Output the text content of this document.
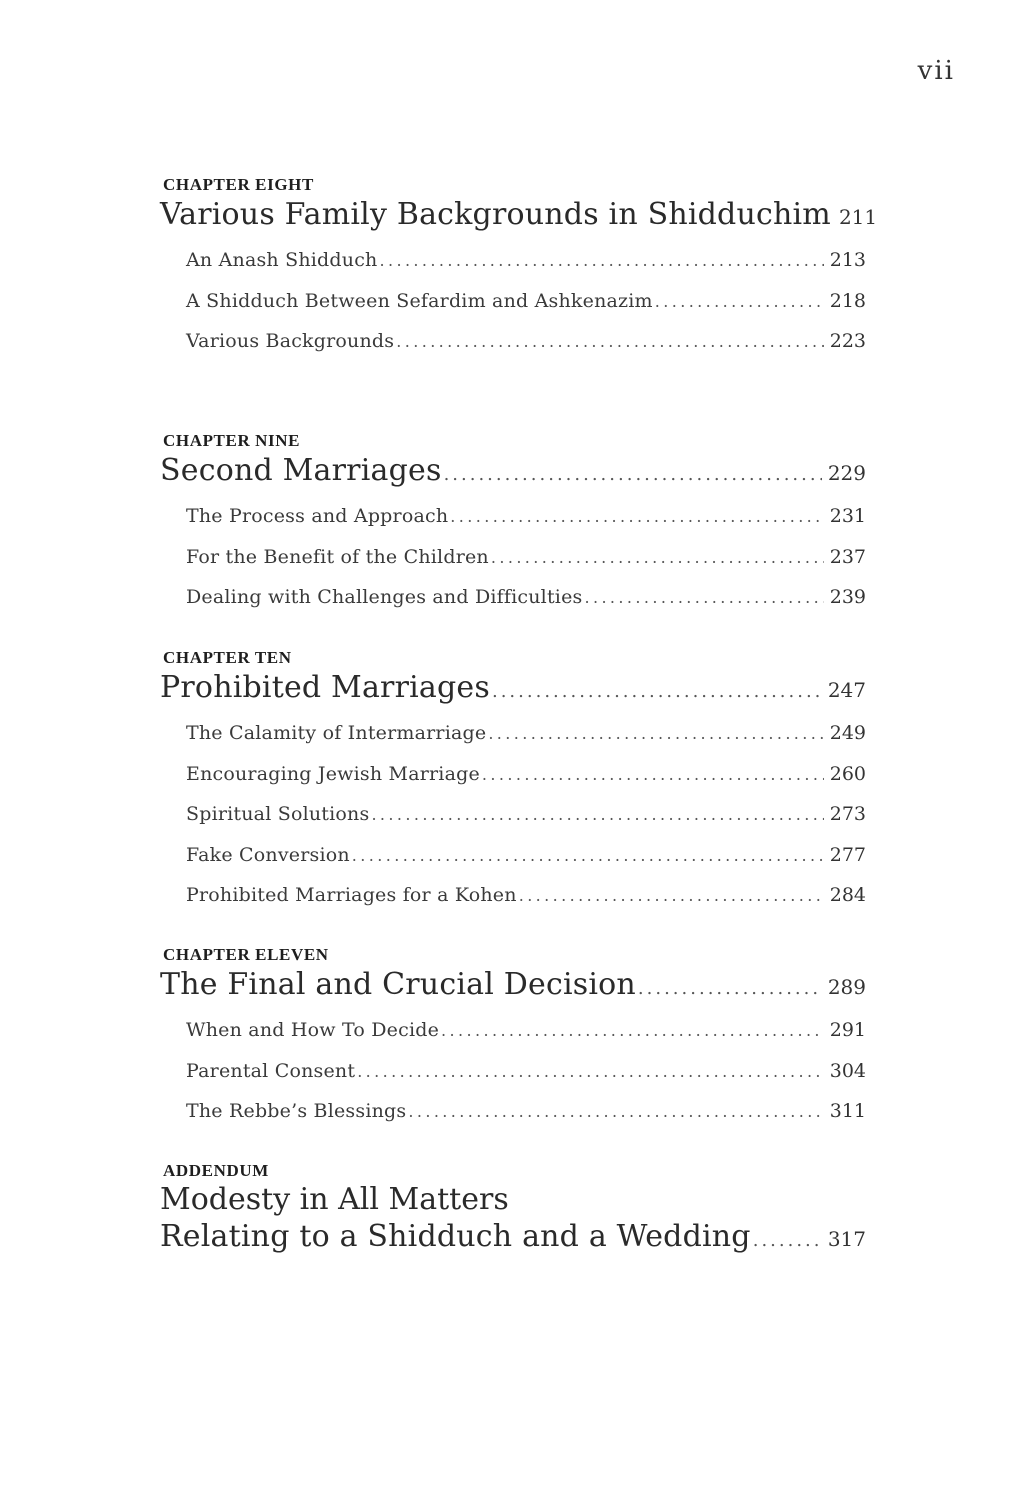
vii
CHAPTER EIGHT
Various Family Backgrounds in Shidduchim 211
An Anash Shidduch .....	213
A Shidduch Between Sefardim and Ashkenazim .....	218
Various Backgrounds .....	223
CHAPTER NINE
Second Marriages .....	229
The Process and Approach .....	231
For the Benefit of the Children .....	237
Dealing with Challenges and Difficulties .....	239
CHAPTER TEN
Prohibited Marriages .....	247
The Calamity of Intermarriage .....	249
Encouraging Jewish Marriage .....	260
Spiritual Solutions .....	273
Fake Conversion .....	277
Prohibited Marriages for a Kohen .....	284
CHAPTER ELEVEN
The Final and Crucial Decision .....	289
When and How To Decide .....	291
Parental Consent .....	304
The Rebbe’s Blessings .....	311
ADDENDUM
Modesty in All Matters
Relating to a Shidduch and a Wedding .....	317
